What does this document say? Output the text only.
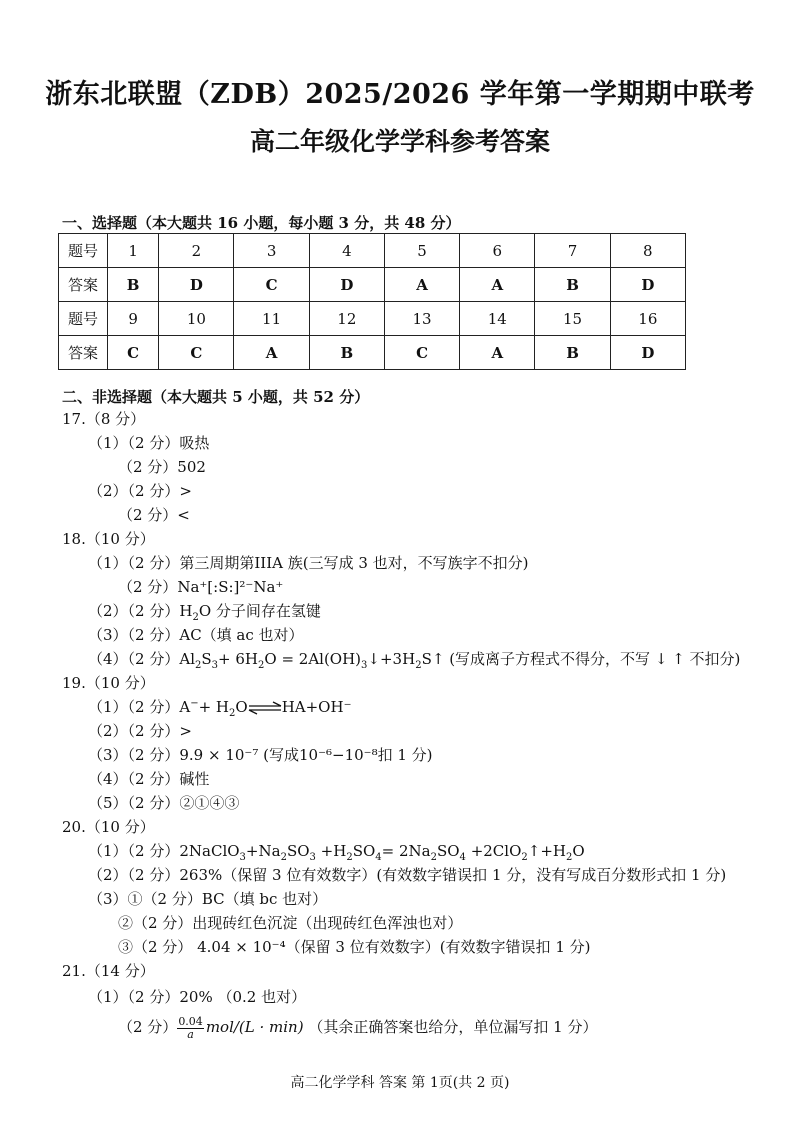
浙东北联盟（ZDB）2025/2026 学年第一学期期中联考
高二年级化学学科参考答案
一、选择题（本大题共 16 小题，每小题 3 分，共 48 分）
题号	1	2	3	4	5	6	7	8
答案	B	D	C	D	A	A	B	D
题号	9	10	11	12	13	14	15	16
答案	C	C	A	B	C	A	B	D
二、非选择题（本大题共 5 小题，共 52 分）
17.（8 分）
（1）（2 分）吸热
（2 分）502
（2）（2 分）>
（2 分）<
18.（10 分）
（1）（2 分）第三周期第IIIA 族(三写成 3 也对，不写族字不扣分)
（2 分）Na⁺[:S:]²⁻Na⁺
（2）（2 分）$H_2O$ 分子间存在氢键
（3）（2 分）AC（填 ac 也对）
（4）（2 分）$Al_2S_3+ 6H_2O$ = $2Al(OH)_3↓+3H_2S↑$ (写成离子方程式不得分，不写 ↓ ↑ 不扣分)
19.（10 分）
（1）（2 分）$A^-+ H_2O\rightleftharpoons HA+OH^-$
（2）（2 分）>
（3）（2 分）9.9 × 10⁻⁷ (写成10⁻⁶−10⁻⁸扣 1 分)
（4）（2 分）碱性
（5）（2 分）②①④③
20.（10 分）
（1）（2 分）$2NaClO_3+Na_2SO_3 +H_2SO_4= 2Na_2SO_4$ $+2ClO_2↑+H_2O$
（2）（2 分）263%（保留 3 位有效数字）(有效数字错误扣 1 分，没有写成百分数形式扣 1 分)
（3）①（2 分）BC（填 bc 也对）
②（2 分）出现砖红色沉淀（出现砖红色浑浊也对）
③（2 分） 4.04 × 10⁻⁴（保留 3 位有效数字）(有效数字错误扣 1 分)
21.（14 分）
（1）（2 分）20% （0.2 也对）
（2 分） $\frac{0.04}{a} mol/(L \cdot \min)$ （其余正确答案也给分，单位漏写扣 1 分）
高二化学学科 答案 第 1页(共 2 页)
